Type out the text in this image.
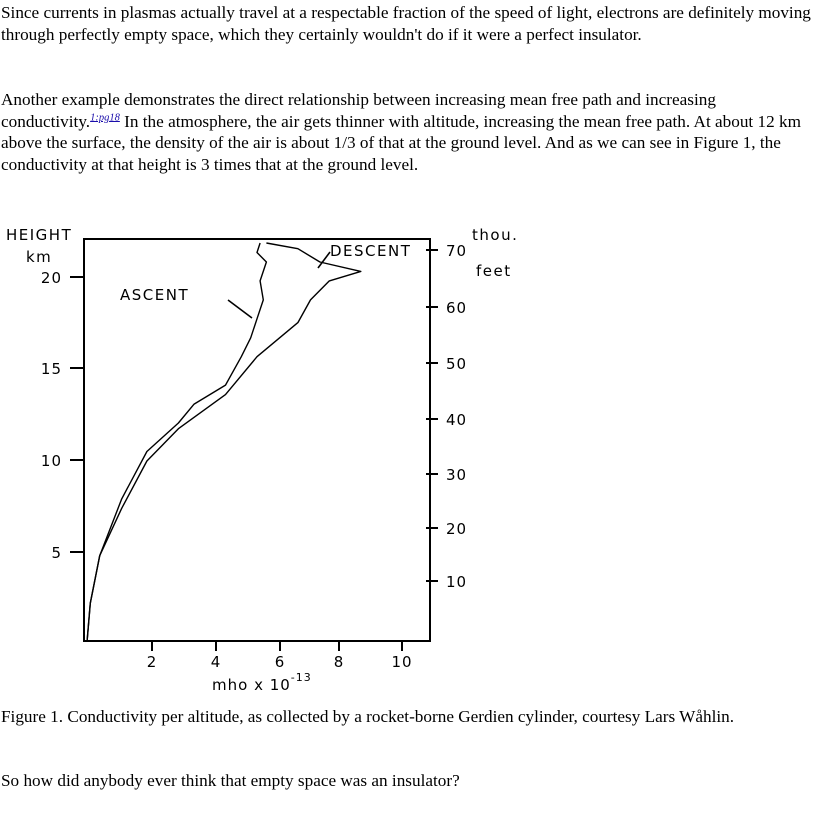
Since currents in plasmas actually travel at a respectable fraction of the speed of light, electrons are definitely moving through perfectly empty space, which they certainly wouldn't do if it were a perfect insulator.

Another example demonstrates the direct relationship between increasing mean free path and increasing conductivity.$^{1:pg18}$ In the atmosphere, the air gets thinner with altitude, increasing the mean free path. At about 12 km above the surface, the density of the air is about 1/3 of that at the ground level. And as we can see in Figure 1, the conductivity at that height is 3 times that at the ground level.

5
10
15
20
10
20
30
40
50
60
70
2	4	6	8	10
HEIGHT
km
thou.
feet
ASCENT
DESCENT
mho x $10^{-13}$

Figure 1. Conductivity per altitude, as collected by a rocket-borne Gerdien cylinder, courtesy Lars Wåhlin.

So how did anybody ever think that empty space was an insulator?
